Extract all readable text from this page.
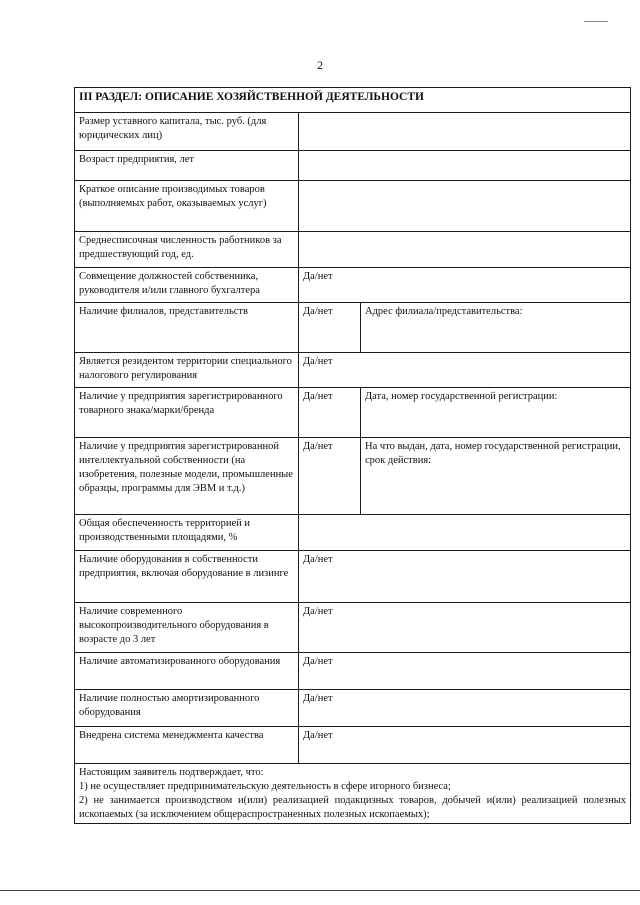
2
III РАЗДЕЛ: ОПИСАНИЕ ХОЗЯЙСТВЕННОЙ ДЕЯТЕЛЬНОСТИ		
Размер уставного капитала, тыс. руб. (для юридических лиц)		
Возраст предприятия, лет		
Краткое описание производимых товаров (выполняемых работ, оказываемых услуг)		
Среднесписочная численность работников за предшествующий год, ед.		
Совмещение должностей собственника, руководителя и/или главного бухгалтера	Да/нет	
Наличие филиалов, представительств	Да/нет	Адрес филиала/представительства:
Является резидентом территории специального налогового регулирования	Да/нет	
Наличие у предприятия зарегистрированного товарного знака/марки/бренда	Да/нет	Дата, номер государственной регистрации:
Наличие у предприятия зарегистрированной интеллектуальной собственности (на изобретения, полезные модели, промышленные образцы, программы для ЭВМ и т.д.)	Да/нет	На что выдан, дата, номер государственной регистрации, срок действия:
Общая обеспеченность территорией и производственными площадями, %		
Наличие оборудования в собственности предприятия, включая оборудование в лизинге	Да/нет	
Наличие современного высокопроизводительного оборудования в возрасте до 3 лет	Да/нет	
Наличие автоматизированного оборудования	Да/нет	
Наличие полностью амортизированного оборудования	Да/нет	
Внедрена система менеджмента качества	Да/нет	

Настоящим заявитель подтверждает, что:

1) не осуществляет предпринимательскую деятельность в сфере игорного бизнеса;

2) не занимается производством и(или) реализацией подакцизных товаров, добычей и(или) реализацией полезных ископаемых (за исключением общераспространенных полезных ископаемых);		
